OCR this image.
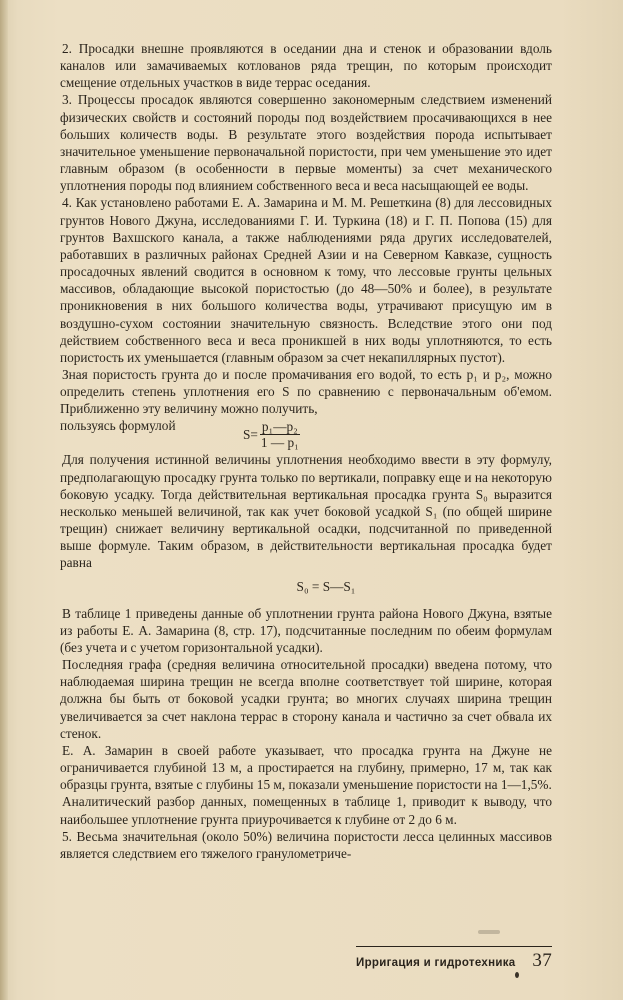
2. Просадки внешне проявляются в оседании дна и стенок и образовании вдоль каналов или замачиваемых котлованов ряда трещин, по которым происходит смещение отдельных участков в виде террас оседания.

3. Процессы просадок являются совершенно закономерным следствием изменений физических свойств и состояний породы под воздействием просачивающихся в нее больших количеств воды. В результате этого воздействия порода испытывает значительное уменьшение первоначальной пористости, при чем уменьшение это идет главным образом (в особенности в первые моменты) за счет механического уплотнения породы под влиянием собственного веса и веса насыщающей ее воды.

4. Как установлено работами Е. А. Замарина и М. М. Решеткина (8) для лессовидных грунтов Нового Джуна, исследованиями Г. И. Туркина (18) и Г. П. Попова (15) для грунтов Вахшского канала, а также наблюдениями ряда других исследователей, работавших в различных районах Средней Азии и на Северном Кавказе, сущность просадочных явлений сводится в основном к тому, что лессовые грунты цельных массивов, обладающие высокой пористостью (до 48—50% и более), в результате проникновения в них большого количества воды, утрачивают присущую им в воздушно-сухом состоянии значительную связность. Вследствие этого они под действием собственного веса и веса проникшей в них воды уплотняются, то есть пористость их уменьшается (главным образом за счет некапиллярных пустот).

Зная пористость грунта до и после промачивания его водой, то есть p₁ и p₂, можно определить степень уплотнения его S по сравнению с первоначальным об'емом. Приближенно эту величину можно получить,

пользуясь формулой
$S= \frac{\text{p₁—p₂}}{\text{1 — p₁}}$

Для получения истинной величины уплотнения необходимо ввести в эту формулу, предполагающую просадку грунта только по вертикали, поправку еще и на некоторую боковую усадку. Тогда действительная вертикальная просадка грунта S₀ выразится несколько меньшей величиной, так как учет боковой усадкой S₁ (по общей ширине трещин) снижает величину вертикальной осадки, подсчитанной по приведенной выше формуле. Таким образом, в действительности вертикальная просадка будет равна

S₀ = S—S₁

В таблице 1 приведены данные об уплотнении грунта района Нового Джуна, взятые из работы Е. А. Замарина (8, стр. 17), подсчитанные последним по обеим формулам (без учета и с учетом горизонтальной усадки).

Последняя графа (средняя величина относительной просадки) введена потому, что наблюдаемая ширина трещин не всегда вполне соответствует той ширине, которая должна бы быть от боковой усадки грунта; во многих случаях ширина трещин увеличивается за счет наклона террас в сторону канала и частично за счет обвала их стенок.

Е. А. Замарин в своей работе указывает, что просадка грунта на Джуне не ограничивается глубиной 13 м, а простирается на глубину, примерно, 17 м, так как образцы грунта, взятые с глубины 15 м, показали уменьшение пористости на 1—1,5%.

Аналитический разбор данных, помещенных в таблице 1, приводит к выводу, что наибольшее уплотнение грунта приурочивается к глубине от 2 до 6 м.

5. Весьма значительная (около 50%) величина пористости лесса целинных массивов является следствием его тяжелого гранулометриче-

Ирригация и гидротехника 37
